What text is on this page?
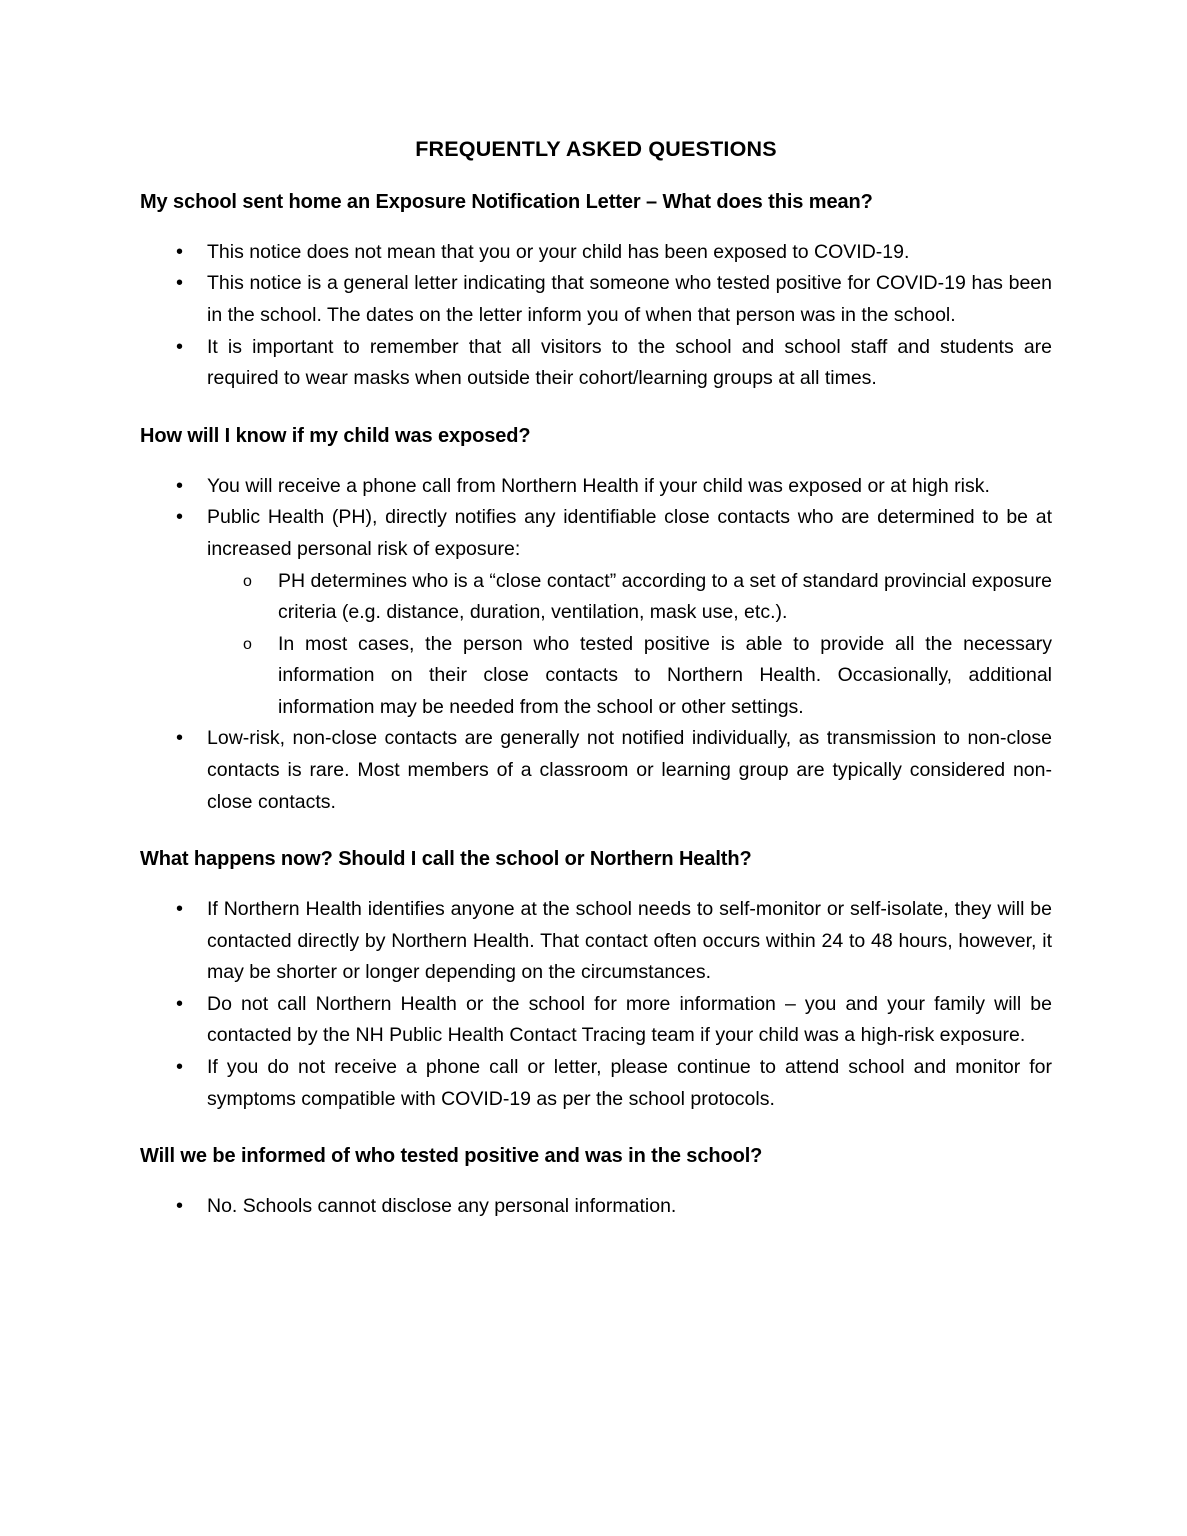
FREQUENTLY ASKED QUESTIONS
My school sent home an Exposure Notification Letter – What does this mean?
• This notice does not mean that you or your child has been exposed to COVID-19.
• This notice is a general letter indicating that someone who tested positive for COVID-19 has been in the school. The dates on the letter inform you of when that person was in the school.
• It is important to remember that all visitors to the school and school staff and students are required to wear masks when outside their cohort/learning groups at all times.
How will I know if my child was exposed?
• You will receive a phone call from Northern Health if your child was exposed or at high risk.
• Public Health (PH), directly notifies any identifiable close contacts who are determined to be at increased personal risk of exposure:
o PH determines who is a “close contact” according to a set of standard provincial exposure criteria (e.g. distance, duration, ventilation, mask use, etc.).
o In most cases, the person who tested positive is able to provide all the necessary information on their close contacts to Northern Health. Occasionally, additional information may be needed from the school or other settings.
• Low-risk, non-close contacts are generally not notified individually, as transmission to non-close contacts is rare. Most members of a classroom or learning group are typically considered non-close contacts.
What happens now? Should I call the school or Northern Health?
• If Northern Health identifies anyone at the school needs to self-monitor or self-isolate, they will be contacted directly by Northern Health. That contact often occurs within 24 to 48 hours, however, it may be shorter or longer depending on the circumstances.
• Do not call Northern Health or the school for more information – you and your family will be contacted by the NH Public Health Contact Tracing team if your child was a high-risk exposure.
• If you do not receive a phone call or letter, please continue to attend school and monitor for symptoms compatible with COVID-19 as per the school protocols.
Will we be informed of who tested positive and was in the school?
• No. Schools cannot disclose any personal information.
